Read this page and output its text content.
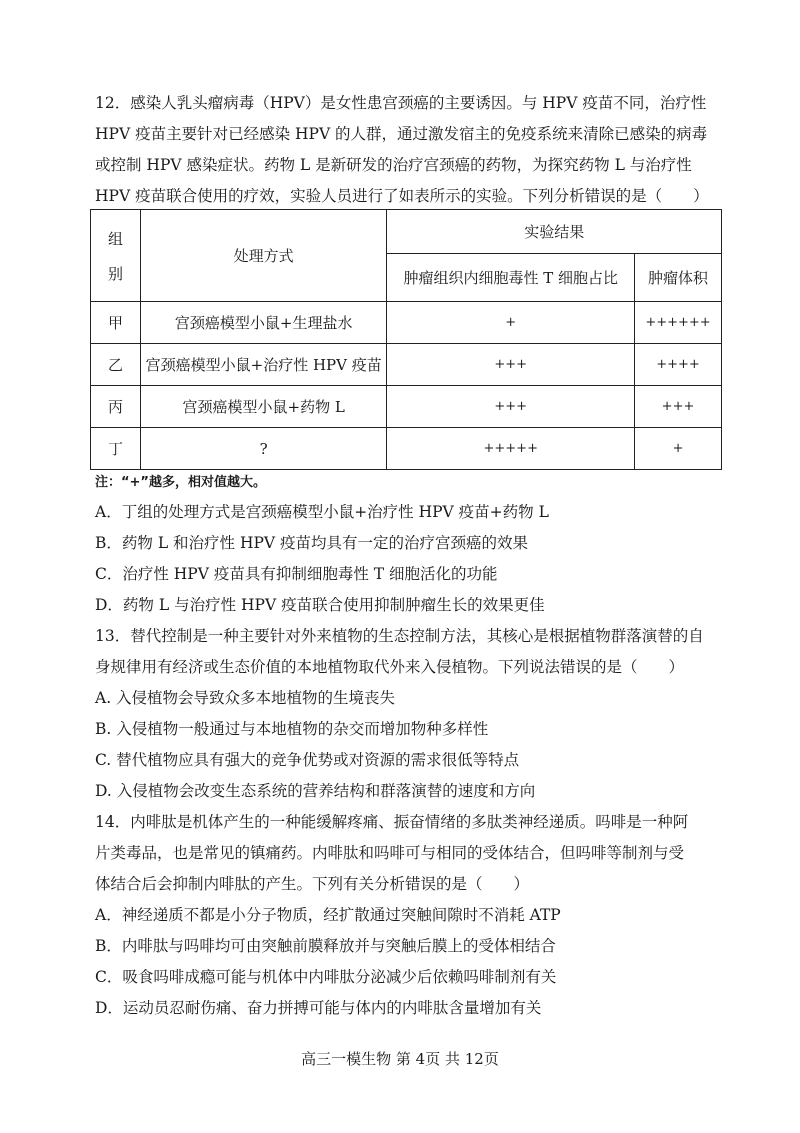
12．感染人乳头瘤病毒（HPV）是女性患宫颈癌的主要诱因。与 HPV 疫苗不同，治疗性
HPV 疫苗主要针对已经感染 HPV 的人群，通过激发宿主的免疫系统来清除已感染的病毒
或控制 HPV 感染症状。药物 L 是新研发的治疗宫颈癌的药物，为探究药物 L 与治疗性
HPV 疫苗联合使用的疗效，实验人员进行了如表所示的实验。下列分析错误的是（　　）
组
别	处理方式	实验结果	
		肿瘤组织内细胞毒性 T 细胞占比	肿瘤体积
甲	宫颈癌模型小鼠+生理盐水	+	++++++
乙	宫颈癌模型小鼠+治疗性 HPV 疫苗	+++	++++
丙	宫颈癌模型小鼠+药物 L	+++	+++
丁	?	+++++	+
注：“+”越多，相对值越大。
A．丁组的处理方式是宫颈癌模型小鼠+治疗性 HPV 疫苗+药物 L
B．药物 L 和治疗性 HPV 疫苗均具有一定的治疗宫颈癌的效果
C．治疗性 HPV 疫苗具有抑制细胞毒性 T 细胞活化的功能
D．药物 L 与治疗性 HPV 疫苗联合使用抑制肿瘤生长的效果更佳
13．替代控制是一种主要针对外来植物的生态控制方法，其核心是根据植物群落演替的自
身规律用有经济或生态价值的本地植物取代外来入侵植物。下列说法错误的是（　　）
A. 入侵植物会导致众多本地植物的生境丧失
B. 入侵植物一般通过与本地植物的杂交而增加物种多样性
C. 替代植物应具有强大的竞争优势或对资源的需求很低等特点
D. 入侵植物会改变生态系统的营养结构和群落演替的速度和方向
14．内啡肽是机体产生的一种能缓解疼痛、振奋情绪的多肽类神经递质。吗啡是一种阿
片类毒品，也是常见的镇痛药。内啡肽和吗啡可与相同的受体结合，但吗啡等制剂与受
体结合后会抑制内啡肽的产生。下列有关分析错误的是（　　）
A．神经递质不都是小分子物质，经扩散通过突触间隙时不消耗 ATP
B．内啡肽与吗啡均可由突触前膜释放并与突触后膜上的受体相结合
C．吸食吗啡成瘾可能与机体中内啡肽分泌减少后依赖吗啡制剂有关
D．运动员忍耐伤痛、奋力拼搏可能与体内的内啡肽含量增加有关
高三一模生物 第 4页 共 12页
